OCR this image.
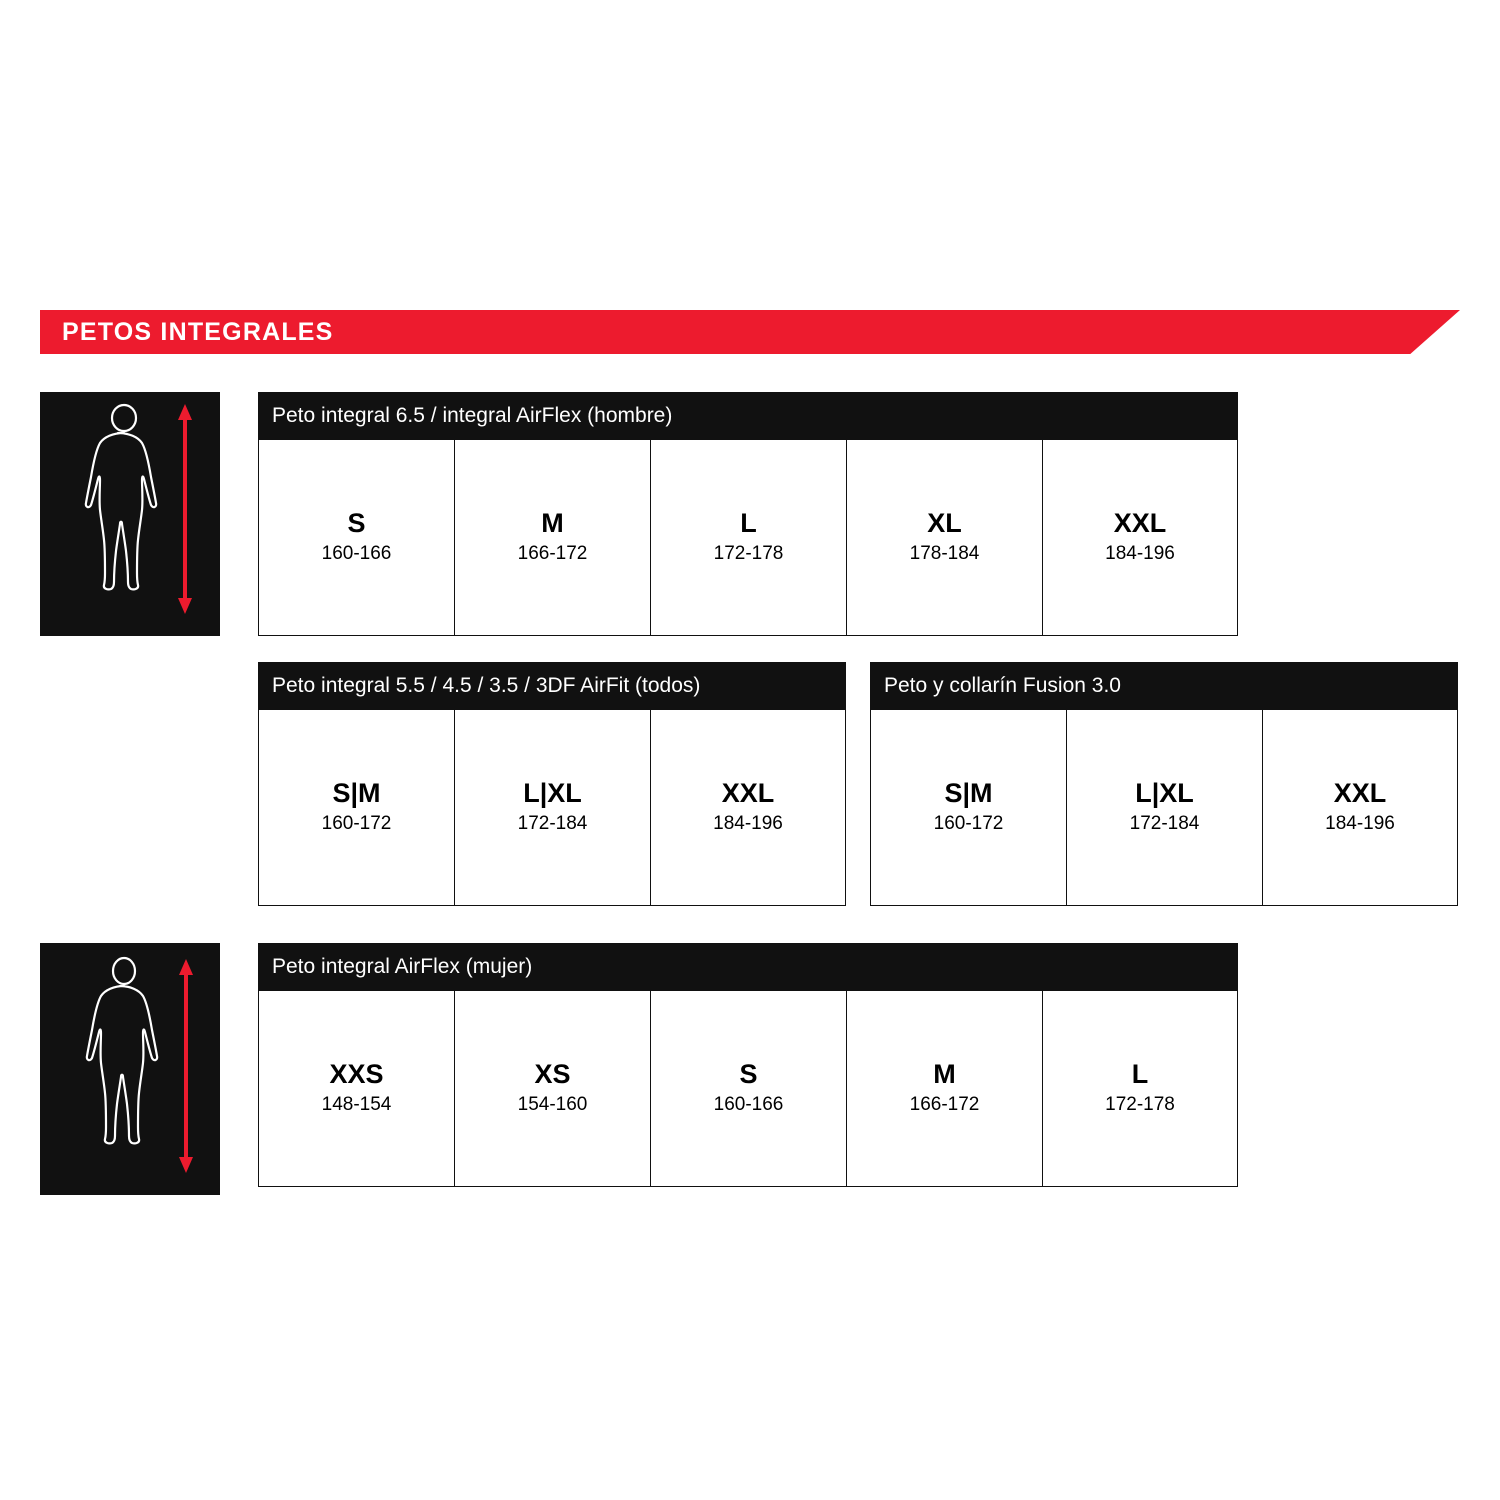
PETOS INTEGRALES
Peto integral 6.5 / integral AirFlex (hombre)
S
160-166
M
166-172
L
172-178
XL
178-184
XXL
184-196
Peto integral 5.5 / 4.5 / 3.5 / 3DF AirFit (todos)
S|M
160-172
L|XL
172-184
XXL
184-196
Peto y collarín Fusion 3.0
S|M
160-172
L|XL
172-184
XXL
184-196
Peto integral AirFlex (mujer)
XXS
148-154
XS
154-160
S
160-166
M
166-172
L
172-178
